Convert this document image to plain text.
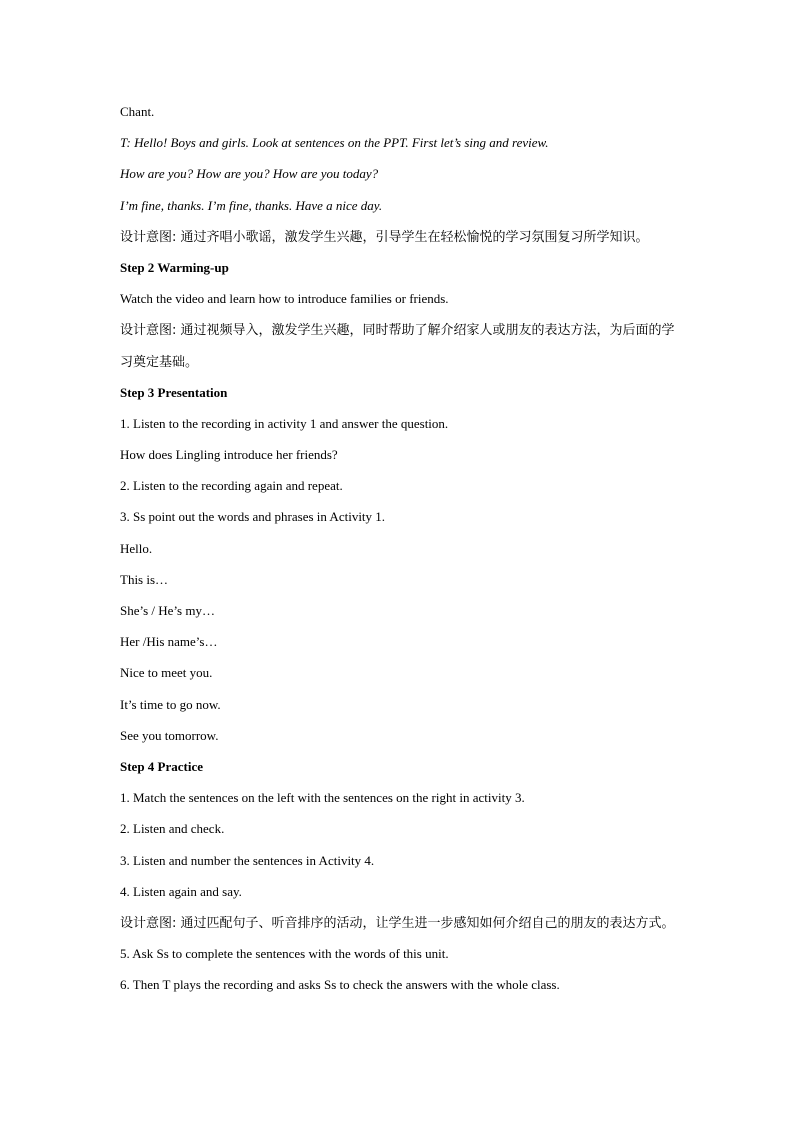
Chant.
T: Hello! Boys and girls. Look at sentences on the PPT. First let’s sing and review.
How are you? How are you? How are you today?
I’m fine, thanks. I’m fine, thanks. Have a nice day.
设计意图: 通过齐唱小歌谣，激发学生兴趣，引导学生在轻松愉悦的学习氛围复习所学知识。
Step 2 Warming-up
Watch the video and learn how to introduce families or friends.
设计意图: 通过视频导入，激发学生兴趣，同时帮助了解介绍家人或朋友的表达方法，为后面的学习奠定基础。
Step 3 Presentation
1. Listen to the recording in activity 1 and answer the question.
How does Lingling introduce her friends?
2. Listen to the recording again and repeat.
3. Ss point out the words and phrases in Activity 1.
Hello.
This is…
She’s / He’s my…
Her /His name’s…
Nice to meet you.
It’s time to go now.
See you tomorrow.
Step 4 Practice
1. Match the sentences on the left with the sentences on the right in activity 3.
2. Listen and check.
3. Listen and number the sentences in Activity 4.
4. Listen again and say.
设计意图: 通过匹配句子、听音排序的活动，让学生进一步感知如何介绍自己的朋友的表达方式。
5. Ask Ss to complete the sentences with the words of this unit.
6. Then T plays the recording and asks Ss to check the answers with the whole class.
